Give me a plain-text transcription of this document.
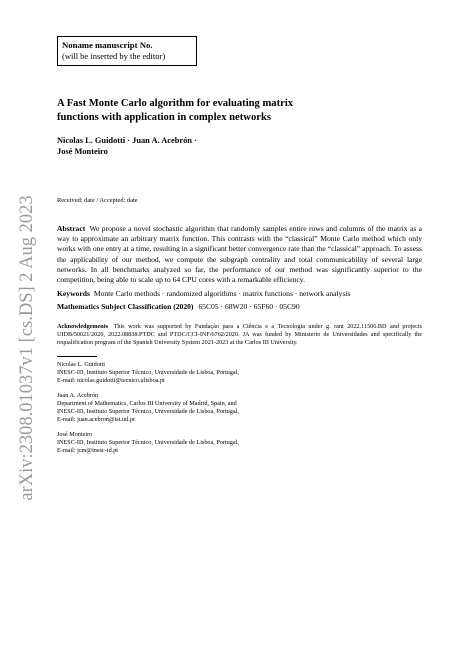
arXiv:2308.01037v1 [cs.DS] 2 Aug 2023
Noname manuscript No.
(will be inserted by the editor)
A Fast Monte Carlo algorithm for evaluating matrix
functions with application in complex networks
Nicolas L. Guidotti · Juan A. Acebrón ·
José Monteiro
Received: date / Accepted: date
Abstract We propose a novel stochastic algorithm that randomly samples entire rows and columns of the matrix as a way to approximate an arbitrary matrix function. This contrasts with the “classical” Monte Carlo method which only works with one entry at a time, resulting in a significant better convergence rate than the “classical” approach. To assess the applicability of our method, we compute the subgraph centrality and total communicability of several large networks. In all benchmarks analyzed so far, the performance of our method was significantly superior to the competition, being able to scale up to 64 CPU cores with a remarkable efficiency.
Keywords Monte Carlo methods · randomized algorithms · matrix functions · network analysis
Mathematics Subject Classification (2020) 65C05 · 68W20 · 65F60 · 05C90
Acknowledgements This work was supported by Fundação para a Ciência e a Tecnologia under g. rant 2022.11506.BD and projects UIDB/50021/2020, 2022.08838.PTDC and PTDC/CCI-INF/6762/2020. JA was funded by Ministerio de Universidades and specifically the requalification program of the Spanish University System 2021-2023 at the Carlos III University.
Nicolas L. Guidotti
INESC-ID, Instituto Superior Técnico, Universidade de Lisboa, Portugal,
E-mail: nicolas.guidotti@tecnico.ulisboa.pt
Juan A. Acebrón
Department of Mathematics, Carlos III University of Madrid, Spain, and
INESC-ID, Instituto Superior Técnico, Universidade de Lisboa, Portugal,
E-mail: juan.acebron@ist.utl.pt
José Monteiro
INESC-ID, Instituto Superior Técnico, Universidade de Lisboa, Portugal,
E-mail: jcm@inesc-id.pt
